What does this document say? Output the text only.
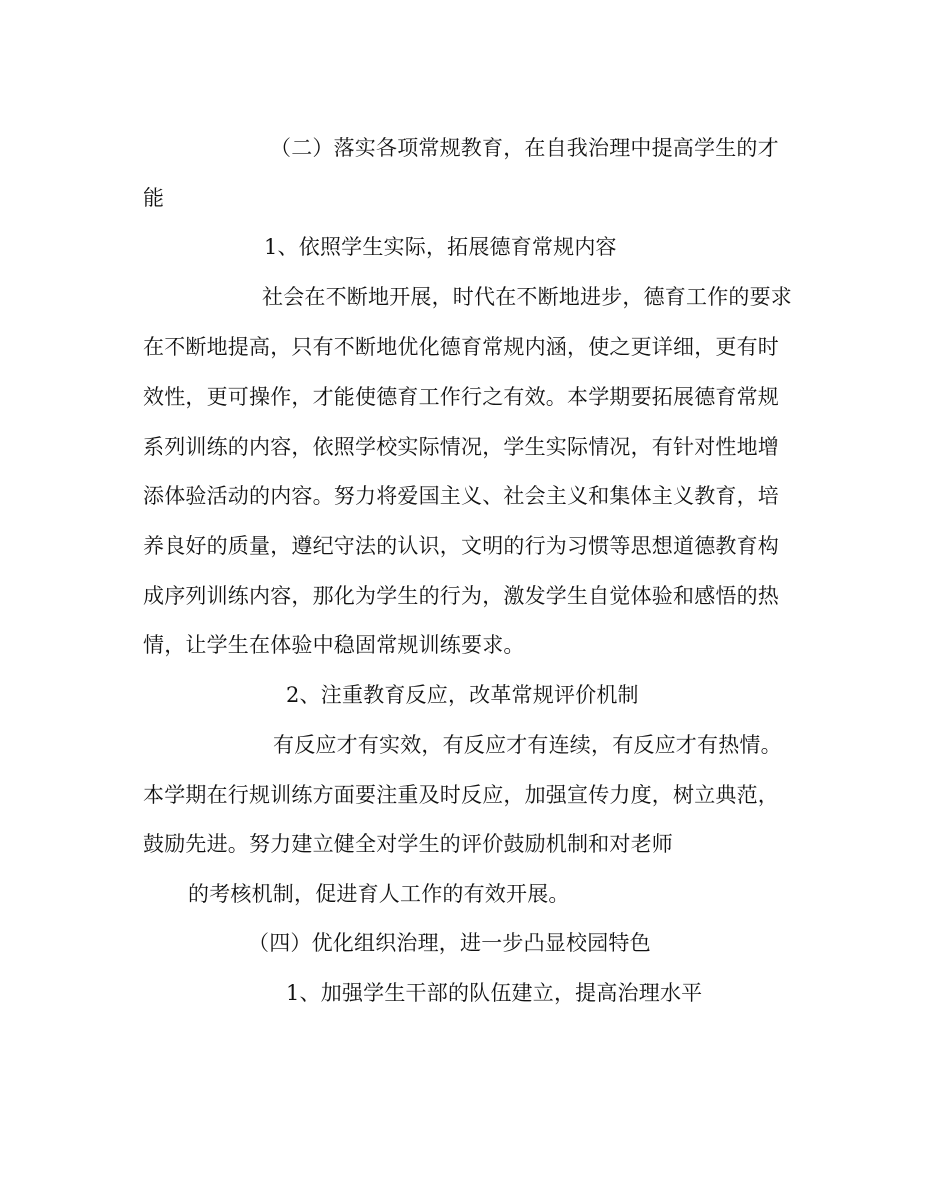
（二）落实各项常规教育，在自我治理中提高学生的才
能
1、依照学生实际，拓展德育常规内容
社会在不断地开展，时代在不断地进步，德育工作的要求
在不断地提高，只有不断地优化德育常规内涵，使之更详细，更有时
效性，更可操作，才能使德育工作行之有效。本学期要拓展德育常规
系列训练的内容，依照学校实际情况，学生实际情况，有针对性地增
添体验活动的内容。努力将爱国主义、社会主义和集体主义教育，培
养良好的质量，遵纪守法的认识，文明的行为习惯等思想道德教育构
成序列训练内容，那化为学生的行为，激发学生自觉体验和感悟的热
情，让学生在体验中稳固常规训练要求。
2、注重教育反应，改革常规评价机制
有反应才有实效，有反应才有连续，有反应才有热情。
本学期在行规训练方面要注重及时反应，加强宣传力度，树立典范，
鼓励先进。努力建立健全对学生的评价鼓励机制和对老师
的考核机制，促进育人工作的有效开展。
（四）优化组织治理，进一步凸显校园特色
1、加强学生干部的队伍建立，提高治理水平
